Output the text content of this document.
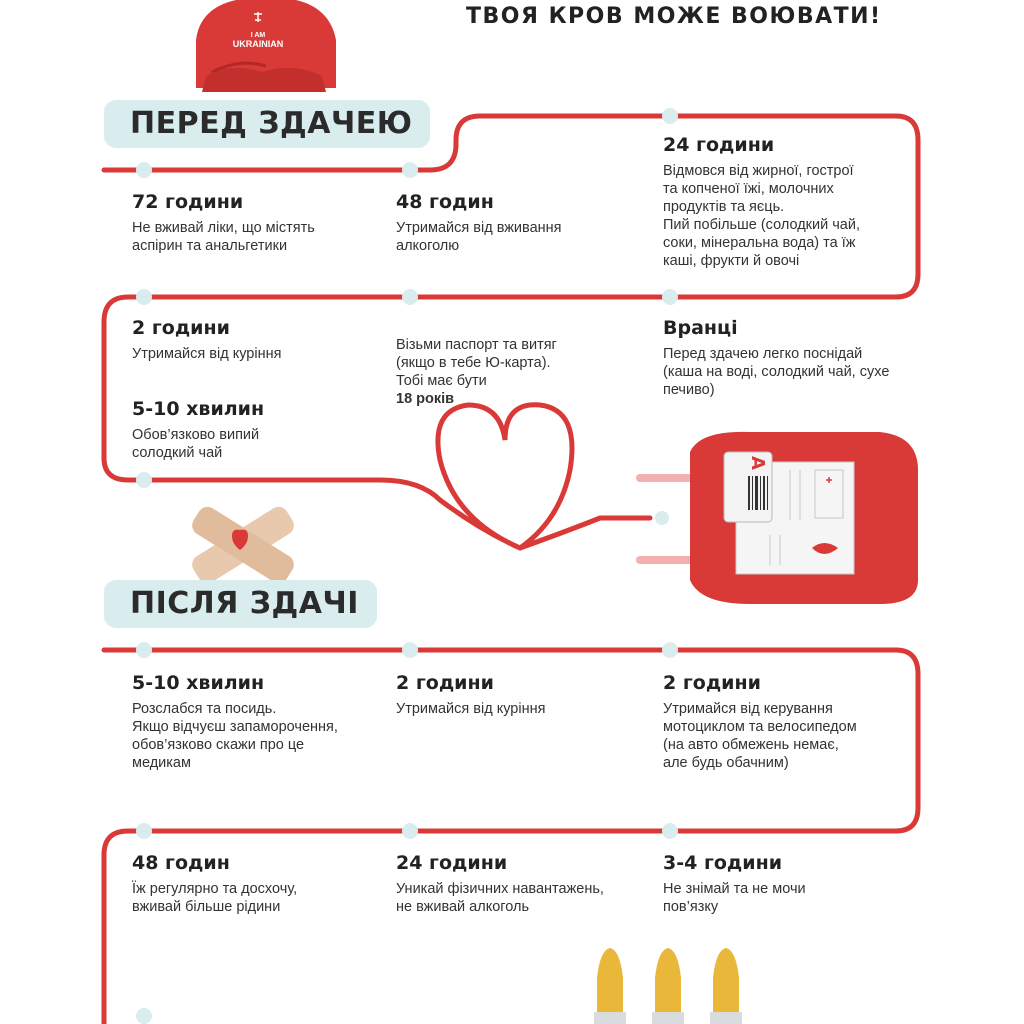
A
I AM
UKRAINIAN
ТВОЯ КРОВ МОЖЕ ВОЮВАТИ!
ПЕРЕД ЗДАЧЕЮ
72 години
Не вживай ліки, що містять
аспірин та анальгетики
48 годин
Утримайся від вживання
алкоголю
24 години
Відмовся від жирної, гострої
та копченої їжі, молочних
продуктів та яєць.
Пий побільше (солодкий чай,
соки, мінеральна вода) та їж
каші, фрукти й овочі
2 години
Утримайся від куріння

Візьми паспорт та витяг
(якщо в тебе Ю-карта).
Тобі має бути
18 років

Вранці
Перед здачею легко поснідай
(каша на воді, солодкий чай, сухе
печиво)
5-10 хвилин
Обов’язково випий
солодкий чай
ПІСЛЯ ЗДАЧІ
5-10 хвилин
Розслабся та посидь.
Якщо відчуєш запаморочення,
обов’язково скажи про це
медикам
2 години
Утримайся від куріння
2 години
Утримайся від керування
мотоциклом та велосипедом
(на авто обмежень немає,
але будь обачним)
48 годин
Їж регулярно та досхочу,
вживай більше рідини
24 години
Уникай фізичних навантажень,
не вживай алкоголь
3-4 години
Не знімай та не мочи
пов’язку
